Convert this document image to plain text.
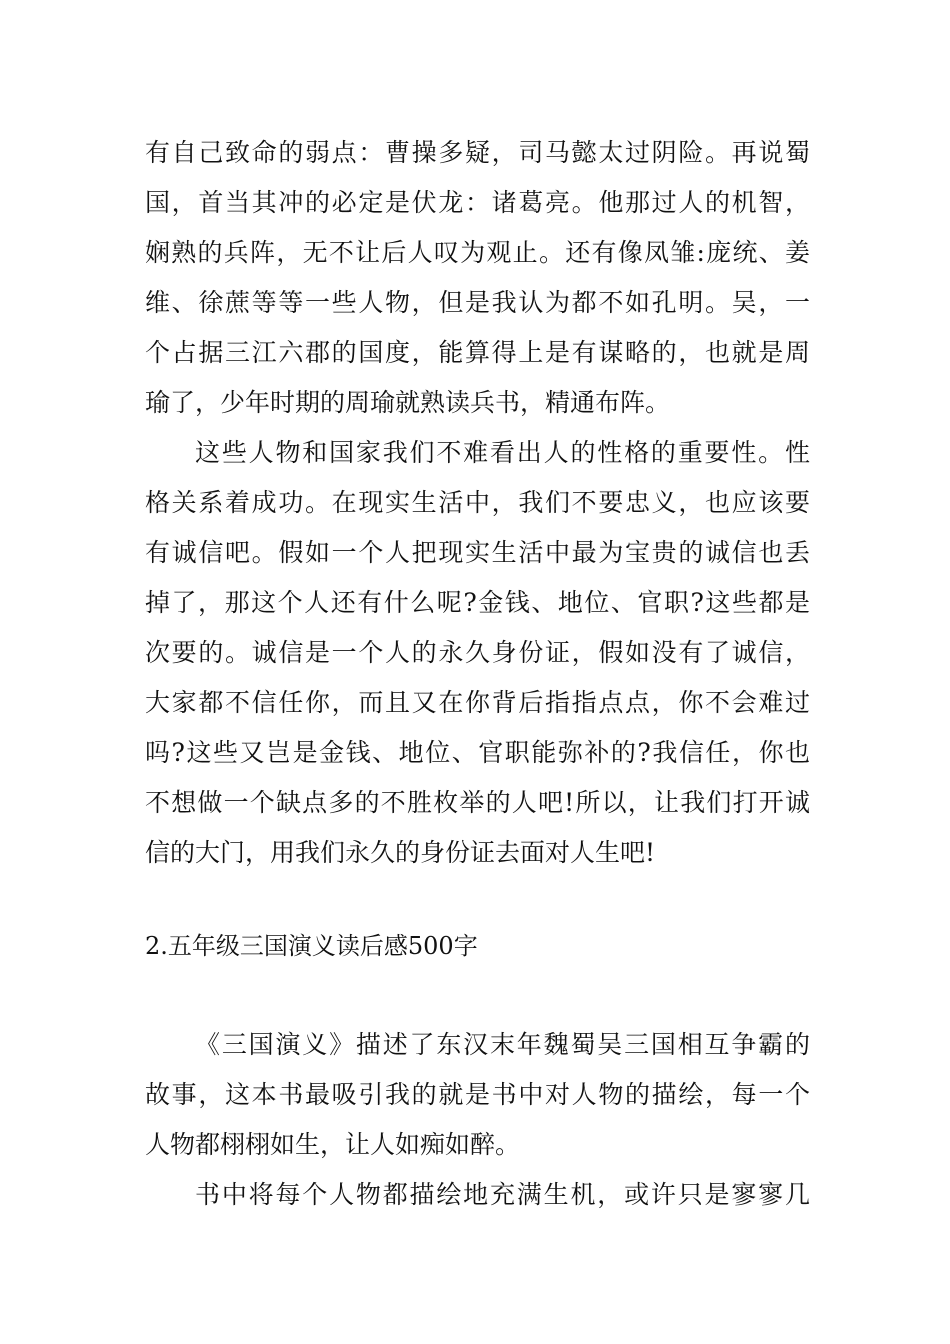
有自己致命的弱点：曹操多疑，司马懿太过阴险。再说蜀
国，首当其冲的必定是伏龙：诸葛亮。他那过人的机智，
娴熟的兵阵，无不让后人叹为观止。还有像凤雏:庞统、姜
维、徐蔗等等一些人物，但是我认为都不如孔明。吴，一
个占据三江六郡的国度，能算得上是有谋略的，也就是周
瑜了，少年时期的周瑜就熟读兵书，精通布阵。
这些人物和国家我们不难看出人的性格的重要性。性
格关系着成功。在现实生活中，我们不要忠义，也应该要
有诚信吧。假如一个人把现实生活中最为宝贵的诚信也丢
掉了，那这个人还有什么呢?金钱、地位、官职?这些都是
次要的。诚信是一个人的永久身份证，假如没有了诚信，
大家都不信任你，而且又在你背后指指点点，你不会难过
吗?这些又岂是金钱、地位、官职能弥补的?我信任，你也
不想做一个缺点多的不胜枚举的人吧!所以，让我们打开诚
信的大门，用我们永久的身份证去面对人生吧!
2.五年级三国演义读后感500字
《三国演义》描述了东汉末年魏蜀吴三国相互争霸的
故事，这本书最吸引我的就是书中对人物的描绘，每一个
人物都栩栩如生，让人如痴如醉。
书中将每个人物都描绘地充满生机，或许只是寥寥几
